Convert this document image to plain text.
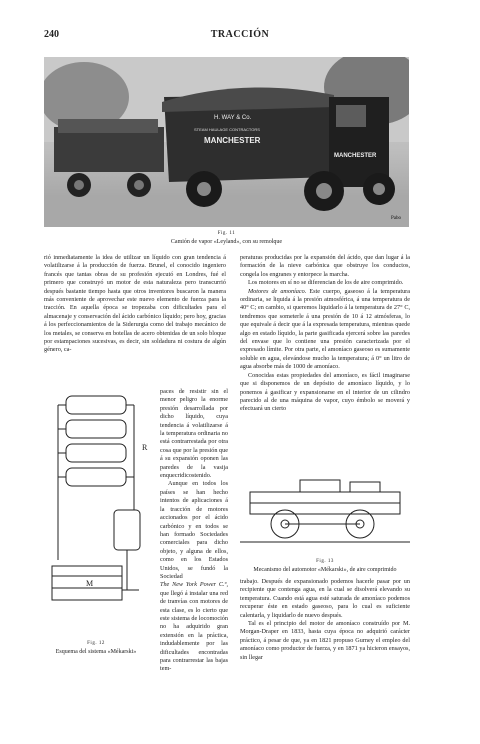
240	TRACCIÓN
H. WAY & Co.
STEAM HAULAGE CONTRACTORS
MANCHESTER
MANCHESTER
Pabo
Fig. 11
Camión de vapor «Leyland», con su remolque

rió inmediatamente la idea de utilizar un líquido con gran tendencia á volatilizarse á la producción de fuerza. Brunel, el conocido ingeniero francés que tantas obras de su profesión ejecutó en Londres, fué el primero que construyó un motor de esta naturaleza pero transcurrió después bastante tiempo hasta que otros inventores buscaron la manera más conveniente de aprovechar este nuevo elemento de fuerza para la tracción. En aquella época se tropezaba con dificultades para el almacenaje y conservación del ácido carbónico líquido; pero hoy, gracias á los perfeccionamientos de la Siderurgia como del trabajo mecánico de los metales, se conserva en botellas de acero obtenidas de un solo bloque por estampaciones sucesivas, es decir, sin soldadura ni costura de algún género, ca-

R
M
Fig. 12
Esquema del sistema «Mékarski»

paces de resistir sin el menor peligro la enorme presión desarrollada por dicho líquido, cuya tendencia á volatilizarse á la temperatura ordinaria no está contrarrestada por otra cosa que por la presión que á su expansión oponen las paredes de la vasija enquecridicostenido.

Aunque en todos los países se han hecho intentos de aplicaciones á la tracción de motores accionados por el ácido carbónico y en todos se han formado Sociedades comerciales para dicho objeto, y alguna de ellos, como en los Estados Unidos, se fundó la Sociedad

The New York Power C.º, que llegó á instalar una red de tranvías con motores de esta clase, es lo cierto que este sistema de locomoción no ha adquirido gran extensión en la práctica, indudablemente por las dificultades encontradas para contrarrestar las bajas tem-

peraturas producidas por la expansión del ácido, que dan lugar á la formación de la nieve carbónica que obstruye los conductos, congela los engranes y entorpece la marcha.

Los motores en sí no se diferencian de los de aire comprimido.

Motores de amoníaco. Este cuerpo, gaseoso á la temperatura ordinaria, se liquida á la presión atmosférica, á una temperatura de 40° C; en cambio, si queremos liquidarlo á la temperatura de 27° C, tendremos que someterle á una presión de 10 á 12 atmósferas, lo que equivale á decir que á la expresada temperatura, mientras quede algo en estado líquido, la parte gasificada ejercerá sobre las paredes del envase que lo contiene una presión caracterizada por el expresado límite. Por otra parte, el amoníaco gaseoso es sumamente soluble en agua, elevándose mucho la temperatura; á 0° un litro de agua absorbe más de 1000 de amoníaco.

Conocidas estas propiedades del amoníaco, es fácil imaginarse que si disponemos de un depósito de amoníaco líquido, y lo ponemos á gasificar y expansionarse en el interior de un cilindro parecido al de una máquina de vapor, cuyo émbolo se moverá y efectuará un cierto

Fig. 13
Mecanismo del automotor «Mékarski», de aire comprimido

trabajo. Después de expansionado podemos hacerle pasar por un recipiente que contenga agua, en la cual se disolverá elevando su temperatura. Cuando está agua esté saturada de amoníaco podemos recuperar éste en estado gaseoso, para lo cual es suficiente calentarla, y liquidarlo de nuevo después.

Tal es el principio del motor de amoníaco construído por M. Morgan-Draper en 1833, hasta cuya época no adquirió carácter práctico, á pesar de que, ya en 1821 propuso Gurney el empleo del amoníaco como productor de fuerza, y en 1871 ya hicieron ensayos, sin llegar
